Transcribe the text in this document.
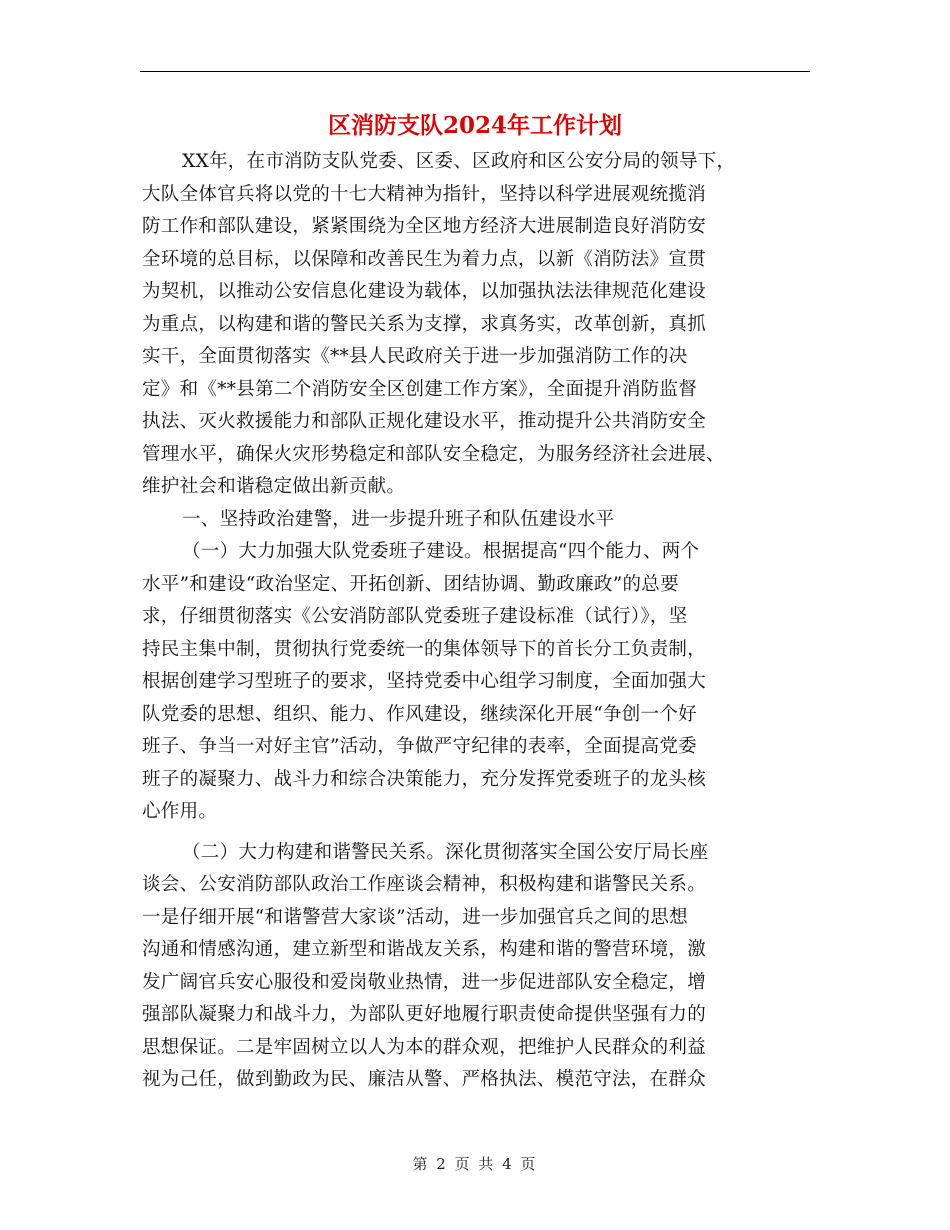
区消防支队2024年工作计划
XX年，在市消防支队党委、区委、区政府和区公安分局的领导下，
大队全体官兵将以党的十七大精神为指针，坚持以科学进展观统揽消
防工作和部队建设，紧紧围绕为全区地方经济大进展制造良好消防安
全环境的总目标，以保障和改善民生为着力点，以新《消防法》宣贯
为契机，以推动公安信息化建设为载体，以加强执法法律规范化建设
为重点，以构建和谐的警民关系为支撑，求真务实，改革创新，真抓
实干，全面贯彻落实《**县人民政府关于进一步加强消防工作的决
定》和《**县第二个消防安全区创建工作方案》，全面提升消防监督
执法、灭火救援能力和部队正规化建设水平，推动提升公共消防安全
管理水平，确保火灾形势稳定和部队安全稳定，为服务经济社会进展、
维护社会和谐稳定做出新贡献。
一、坚持政治建警，进一步提升班子和队伍建设水平
（一）大力加强大队党委班子建设。根据提高“四个能力、两个
水平”和建设“政治坚定、开拓创新、团结协调、勤政廉政”的总要
求，仔细贯彻落实《公安消防部队党委班子建设标准（试行）》，坚
持民主集中制，贯彻执行党委统一的集体领导下的首长分工负责制，
根据创建学习型班子的要求，坚持党委中心组学习制度，全面加强大
队党委的思想、组织、能力、作风建设，继续深化开展“争创一个好
班子、争当一对好主官”活动，争做严守纪律的表率，全面提高党委
班子的凝聚力、战斗力和综合决策能力，充分发挥党委班子的龙头核
心作用。
（二）大力构建和谐警民关系。深化贯彻落实全国公安厅局长座
谈会、公安消防部队政治工作座谈会精神，积极构建和谐警民关系。
一是仔细开展“和谐警营大家谈”活动，进一步加强官兵之间的思想
沟通和情感沟通，建立新型和谐战友关系，构建和谐的警营环境，激
发广阔官兵安心服役和爱岗敬业热情，进一步促进部队安全稳定，增
强部队凝聚力和战斗力，为部队更好地履行职责使命提供坚强有力的
思想保证。二是牢固树立以人为本的群众观，把维护人民群众的利益
视为己任，做到勤政为民、廉洁从警、严格执法、模范守法，在群众
第 2 页 共 4 页
